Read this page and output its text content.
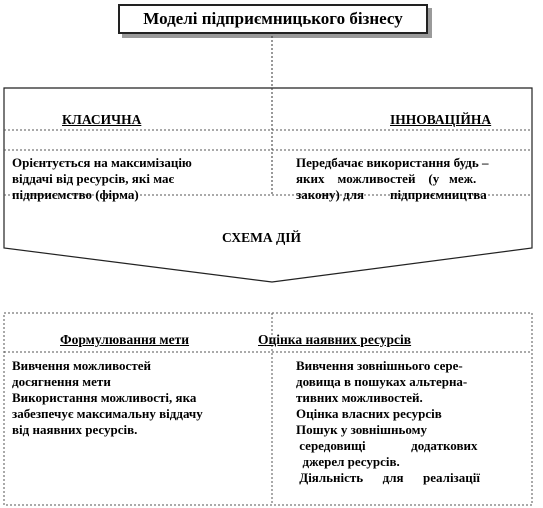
Моделі підприємницького бізнесу
КЛАСИЧНА
Орієнтується на максимізацію
віддачі від ресурсів, які має
підприємство (фірма)
ІННОВАЦІЙНА
Передбачає використання будь –
яких    можливостей    (у   меж.
закону) для        підприємництва
СХЕМА ДІЙ
Формулювання мети
Вивчення можливостей
досягнення мети
Використання можливості, яка
забезпечує максимальну віддачу
від наявних ресурсів.
Оцінка наявних ресурсів
Вивчення зовнішнього сере-
довища в пошуках альтерна-
тивних можливостей.
Оцінка власних ресурсів
Пошук у зовнішньому
середовищі              додаткових
джерел ресурсів.
Діяльність      для      реалізації
